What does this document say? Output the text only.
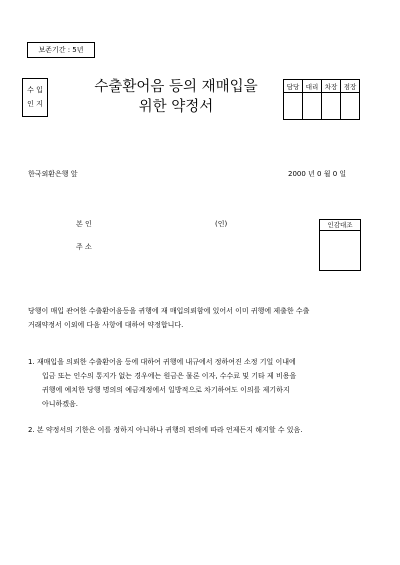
보존기간 : 5년
수 입
인 지
수출환어음 등의 재매입을
위한 약정서
담당	대리	차장	점장

한국외환은행 앞	2000 년 0 월 0 일
본 인	(인)
주 소
인감대조
당행이 매입 관여한 수출환어음등을 귀행에 재 매입의뢰함에 있어서 이미 귀행에 제출한 수출
거래약정서 이외에 다음 사항에 대하여 약정합니다.
1. 재매입을 의뢰한 수출환어음 등에 대하여 귀행에 내규에서 정하여진 소정 기일 이내에
입금 또는 인수의 통지가 없는 경우에는 원금은 물론 이자, 수수료 및 기타 제 비용을
귀행에 예치한 당행 명의의 예금계정에서 일방적으로 차기하여도 이의를 제기하지
아니하겠음.
2. 본 약정서의 기한은 이를 정하지 아니하나 귀행의 편의에 따라 언제든지 해지할 수 있음.
